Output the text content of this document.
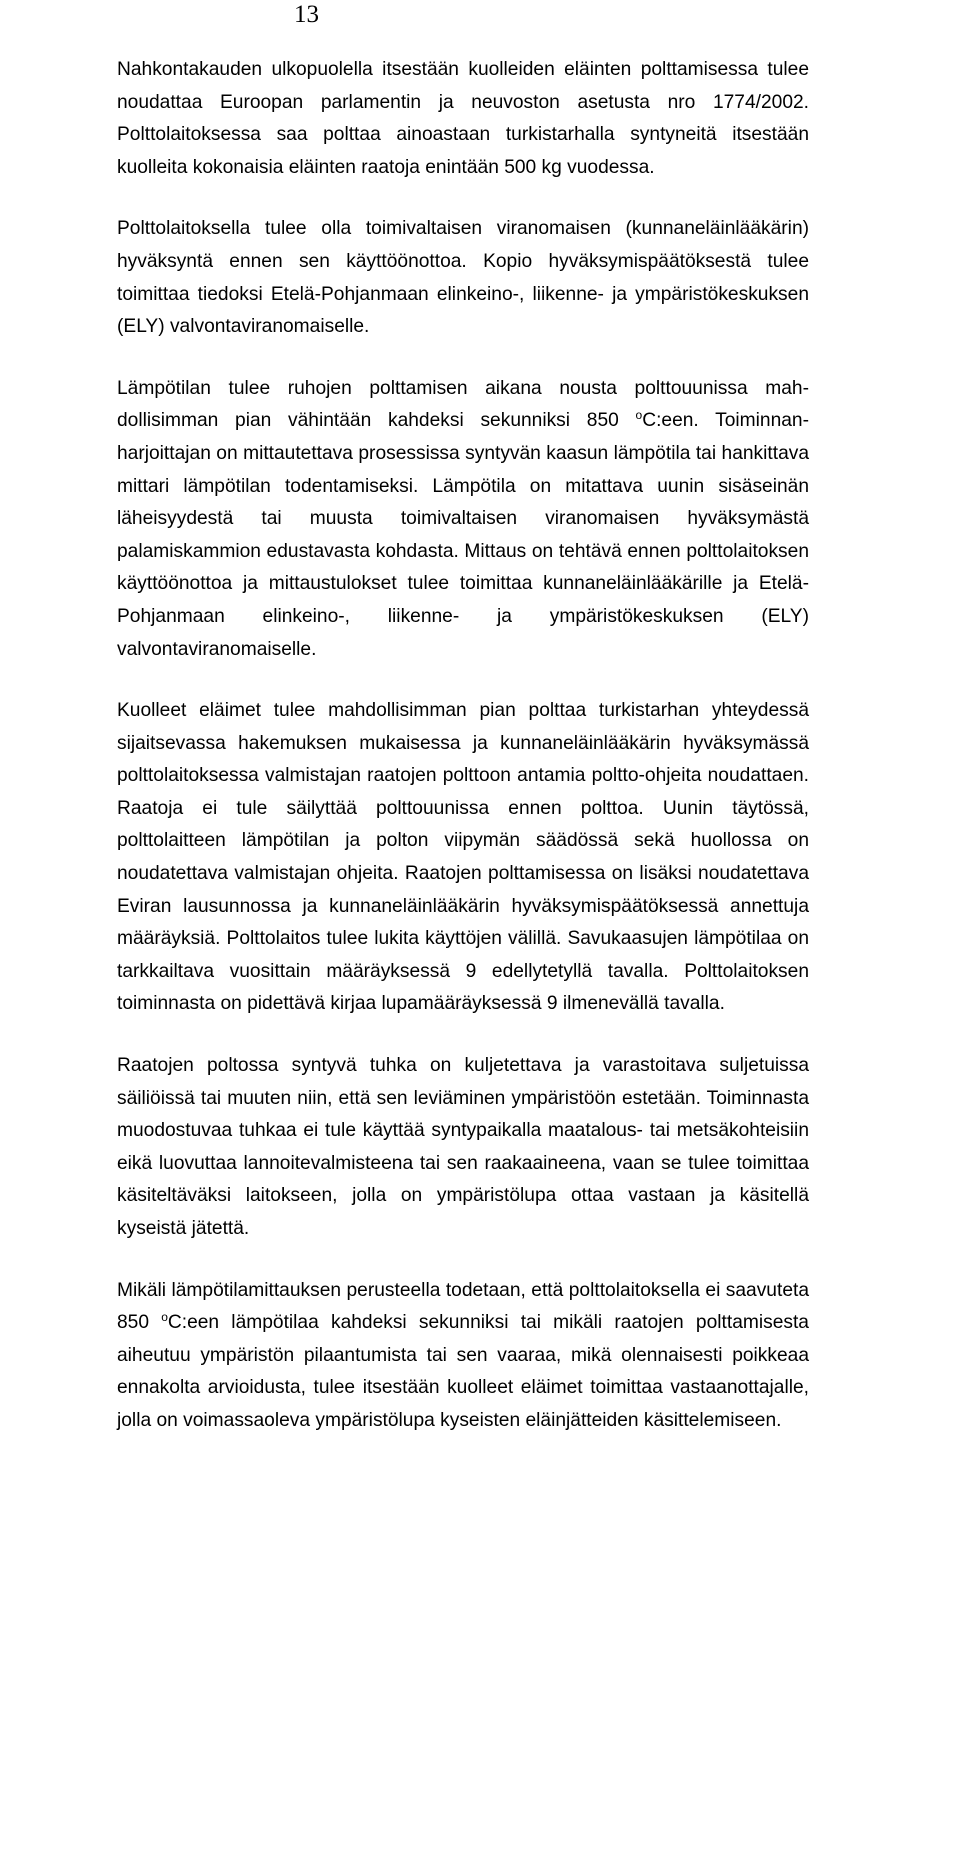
13

Nahkontakauden ulkopuolella itsestään kuolleiden eläinten polttamisessa tulee noudattaa Euroopan parlamentin ja neuvoston asetusta nro 1774/2002. Polttolaitoksessa saa polttaa ainoastaan turkistarhalla syntyneitä itsestään kuolleita kokonaisia eläinten raatoja enintään 500 kg vuodessa.

Polttolaitoksella tulee olla toimivaltaisen viranomaisen (kunnaneläinlääkärin) hyväksyntä ennen sen käyttöönottoa. Kopio hyväksymispäätöksestä tulee toimittaa tiedoksi Etelä-Pohjanmaan elinkeino-, liikenne- ja ympäristökeskuksen (ELY) valvontaviranomaiselle.

Lämpötilan tulee ruhojen polttamisen aikana nousta polttouunissa mahdollisimman pian vähintään kahdeksi sekunniksi 850 $^o$C:een. Toiminnanharjoittajan on mittautettava prosessissa syntyvän kaasun lämpötila tai hankittava mittari lämpötilan todentamiseksi. Lämpötila on mitattava uunin sisäseinän läheisyydestä tai muusta toimivaltaisen viranomaisen hyväksymästä palamiskammion edustavasta kohdasta. Mittaus on tehtävä ennen polttolaitoksen käyttöönottoa ja mittaustulokset tulee toimittaa kunnaneläinlääkärille ja Etelä-Pohjanmaan elinkeino-, liikenne- ja ympäristökeskuksen (ELY) valvontaviranomaiselle.

Kuolleet eläimet tulee mahdollisimman pian polttaa turkistarhan yhteydessä sijaitsevassa hakemuksen mukaisessa ja kunnaneläinlääkärin hyväksymässä polttolaitoksessa valmistajan raatojen polttoon antamia poltto-ohjeita noudattaen. Raatoja ei tule säilyttää polttouunissa ennen polttoa. Uunin täytössä, polttolaitteen lämpötilan ja polton viipymän säädössä sekä huollossa on noudatettava valmistajan ohjeita. Raatojen polttamisessa on lisäksi noudatettava Eviran lausunnossa ja kunnaneläinlääkärin hyväksymispäätöksessä annettuja määräyksiä. Polttolaitos tulee lukita käyttöjen välillä. Savukaasujen lämpötilaa on tarkkailtava vuosittain määräyksessä 9 edellytetyllä tavalla. Polttolaitoksen toiminnasta on pidettävä kirjaa lupamääräyksessä 9 ilmenevällä tavalla.

Raatojen poltossa syntyvä tuhka on kuljetettava ja varastoitava suljetuissa säiliöissä tai muuten niin, että sen leviäminen ympäristöön estetään. Toiminnasta muodostuvaa tuhkaa ei tule käyttää syntypaikalla maatalous- tai metsäkohteisiin eikä luovuttaa lannoitevalmisteena tai sen raakaaineena, vaan se tulee toimittaa käsiteltäväksi laitokseen, jolla on ympäristölupa ottaa vastaan ja käsitellä kyseistä jätettä.

Mikäli lämpötilamittauksen perusteella todetaan, että polttolaitoksella ei saavuteta 850 $^o$C:een lämpötilaa kahdeksi sekunniksi tai mikäli raatojen polttamisesta aiheutuu ympäristön pilaantumista tai sen vaaraa, mikä olennaisesti poikkeaa ennakolta arvioidusta, tulee itsestään kuolleet eläimet toimittaa vastaanottajalle, jolla on voimassaoleva ympäristölupa kyseisten eläinjätteiden käsittelemiseen.
